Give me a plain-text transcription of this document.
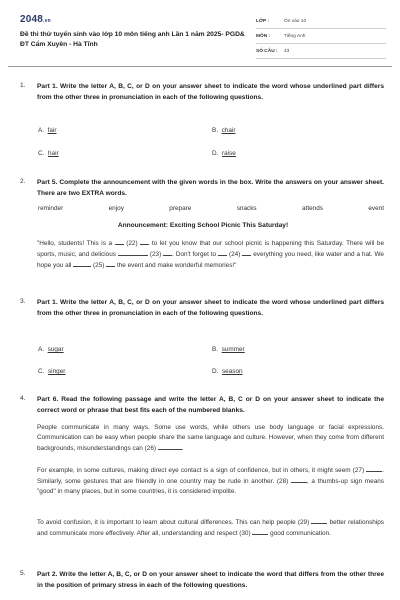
2048.vn
Đề thi thử tuyển sinh vào lớp 10 môn tiếng anh Lần 1 năm 2025- PGD& ĐT Cẩm Xuyên - Hà Tĩnh
LỚP :	Ôn vào 10
MÔN :	Tiếng Anh
SỐ CÂU :	43
1. Part 1. Write the letter A, B, C, or D on your answer sheet to indicate the word whose underlined part differs from the other three in pronunciation in each of the following questions.
A. fair	B. chair
C. hair	D. raise
2. Part 5. Complete the announcement with the given words in the box. Write the answers on your answer sheet. There are two EXTRA words.
reminder	enjoy	prepare	snacks	attends	event
Announcement: Exciting School Picnic This Saturday!
"Hello, students! This is a  (22)  to let you know that our school picnic is happening this Saturday. There will be sports, music, and delicious	(23) . Don't forget to  (24)  everything you need, like water and a hat. We hope you all	(25)  the event and make wonderful memories!"
3. Part 1. Write the letter A, B, C, or D on your answer sheet to indicate the word whose underlined part differs from the other three in pronunciation in each of the following questions.
A. sugar	B. summer
C. singer	D. season
4. Part 6. Read the following passage and write the letter A, B, C or D on your answer sheet to indicate the correct word or phrase that best fits each of the numbered blanks.
People communicate in many ways. Some use words, while others use body language or facial expressions. Communication can be easy when people share the same language and culture. However, when they come from different backgrounds, misunderstandings can (26)	.
For example, in some cultures, making direct eye contact is a sign of confidence, but in others, it might seem (27)	. Similarly, some gestures that are friendly in one country may be rude in another. (28)	, a thumbs-up sign means "good" in many places, but in some countries, it is considered impolite.
To avoid confusion, it is important to learn about cultural differences. This can help people (29)	better relationships and communicate more effectively. After all, understanding and respect (30)	good communication.
5. Part 2. Write the letter A, B, C, or D on your answer sheet to indicate the word that differs from the other three in the position of primary stress in each of the following questions.
